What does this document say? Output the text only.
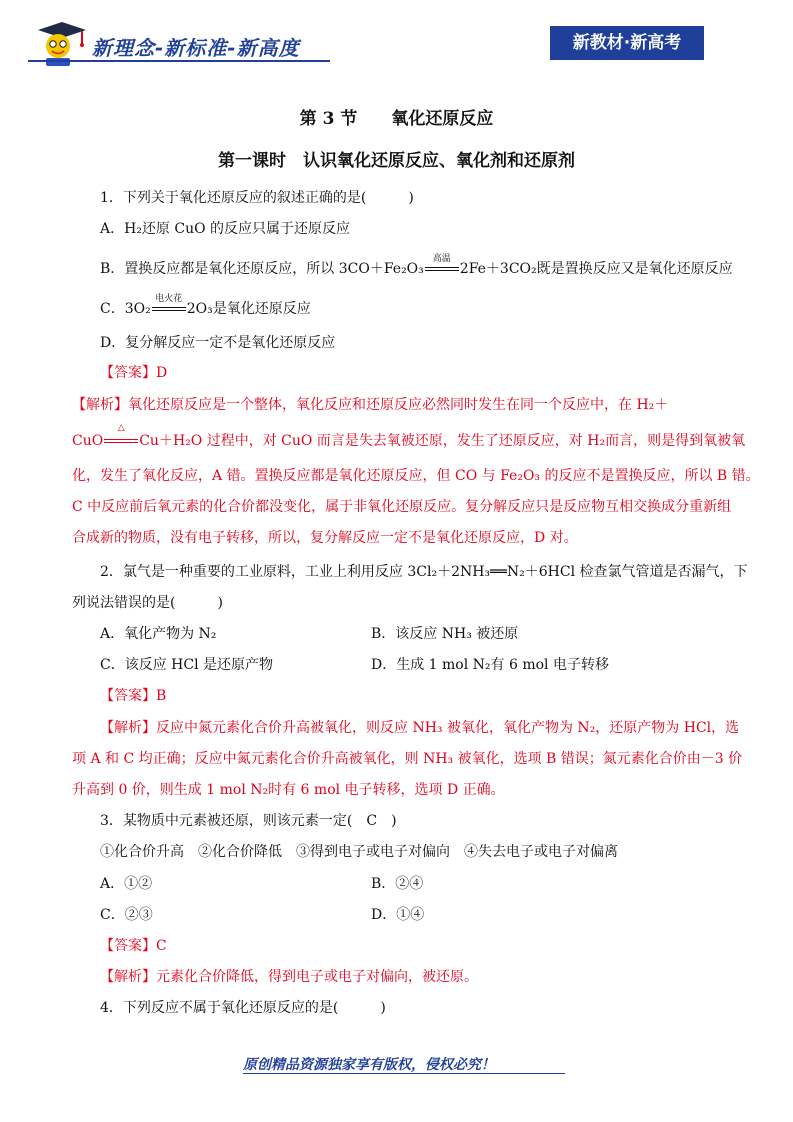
新理念-新标准-新高度	新教材·新高考
第 3 节　　氧化还原反应
第一课时　认识氧化还原反应、氧化剂和还原剂
1．下列关于氧化还原反应的叙述正确的是(　　　)
A．H₂还原 CuO 的反应只属于还原反应
B．置换反应都是氧化还原反应，所以 3CO＋Fe₂O₃
高温
2Fe＋3CO₂既是置换反应又是氧化还原反应
C．3O₂
电火花
2O₃是氧化还原反应
D．复分解反应一定不是氧化还原反应
【答案】D
【解析】氧化还原反应是一个整体，氧化反应和还原反应必然同时发生在同一个反应中，在 H₂＋
CuO
△
Cu＋H₂O 过程中，对 CuO 而言是失去氧被还原，发生了还原反应，对 H₂而言，则是得到氧被氧
化，发生了氧化反应，A 错。置换反应都是氧化还原反应，但 CO 与 Fe₂O₃ 的反应不是置换反应，所以 B 错。
C 中反应前后氧元素的化合价都没变化，属于非氧化还原反应。复分解反应只是反应物互相交换成分重新组
合成新的物质，没有电子转移，所以，复分解反应一定不是氧化还原反应，D 对。
2．氯气是一种重要的工业原料，工业上利用反应 3Cl₂＋2NH₃══N₂＋6HCl 检查氯气管道是否漏气，下
列说法错误的是(　　　)
A．氧化产物为 N₂	B．该反应 NH₃ 被还原
C．该反应 HCl 是还原产物	D．生成 1 mol N₂有 6 mol 电子转移
【答案】B
【解析】反应中氮元素化合价升高被氧化，则反应 NH₃ 被氧化，氧化产物为 N₂，还原产物为 HCl，选
项 A 和 C 均正确；反应中氮元素化合价升高被氧化，则 NH₃ 被氧化，选项 B 错误；氮元素化合价由－3 价
升高到 0 价，则生成 1 mol N₂时有 6 mol 电子转移，选项 D 正确。
3．某物质中元素被还原，则该元素一定(　C　)
①化合价升高　②化合价降低　③得到电子或电子对偏向　④失去电子或电子对偏离
A．①②	B．②④
C．②③	D．①④
【答案】C
【解析】元素化合价降低，得到电子或电子对偏向，被还原。
4．下列反应不属于氧化还原反应的是(　　　)
原创精品资源独家享有版权，侵权必究！
